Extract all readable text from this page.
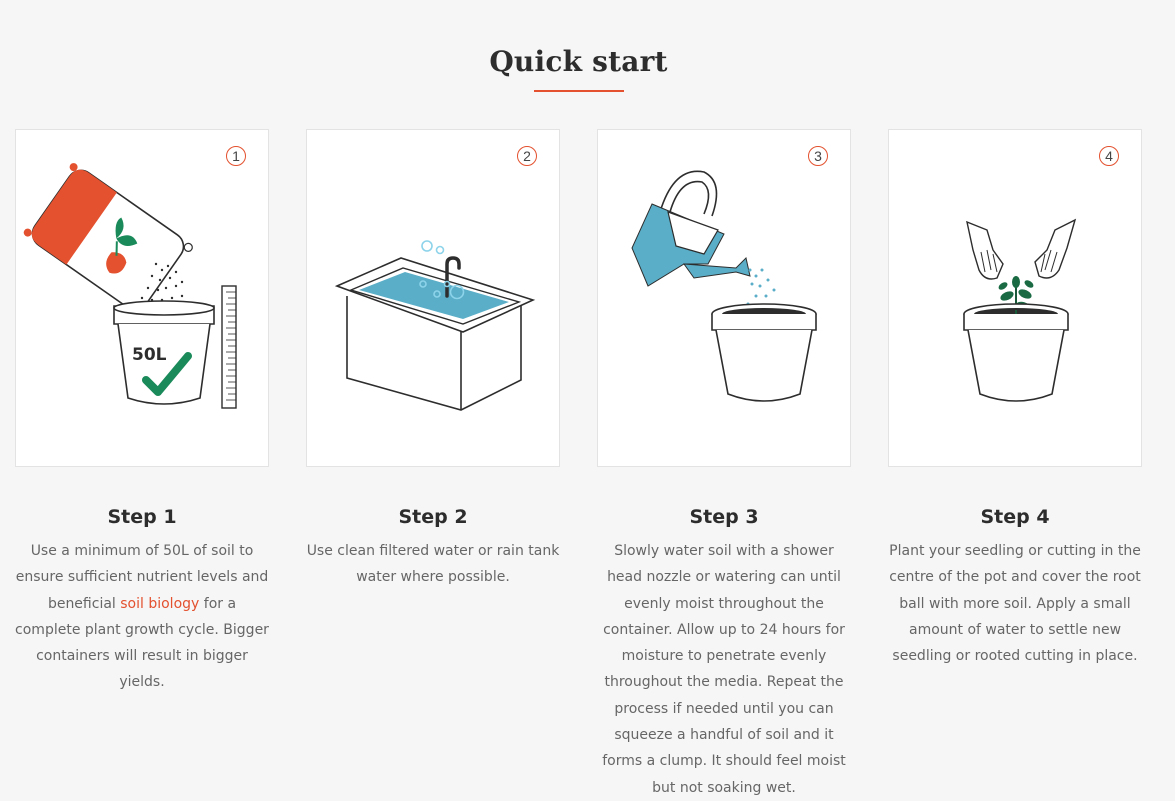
Quick start
50L
1	2	3	4
Step 1

Use a minimum of 50L of soil to ensure sufficient nutrient levels and beneficial soil biology for a complete plant growth cycle. Bigger containers will result in bigger yields.

Step 2

Use clean filtered water or rain tank water where possible.

Step 3

Slowly water soil with a shower head nozzle or watering can until evenly moist throughout the container. Allow up to 24 hours for moisture to penetrate evenly throughout the media. Repeat the process if needed until you can squeeze a handful of soil and it forms a clump. It should feel moist but not soaking wet.

Step 4

Plant your seedling or cutting in the centre of the pot and cover the root ball with more soil. Apply a small amount of water to settle new seedling or rooted cutting in place.
